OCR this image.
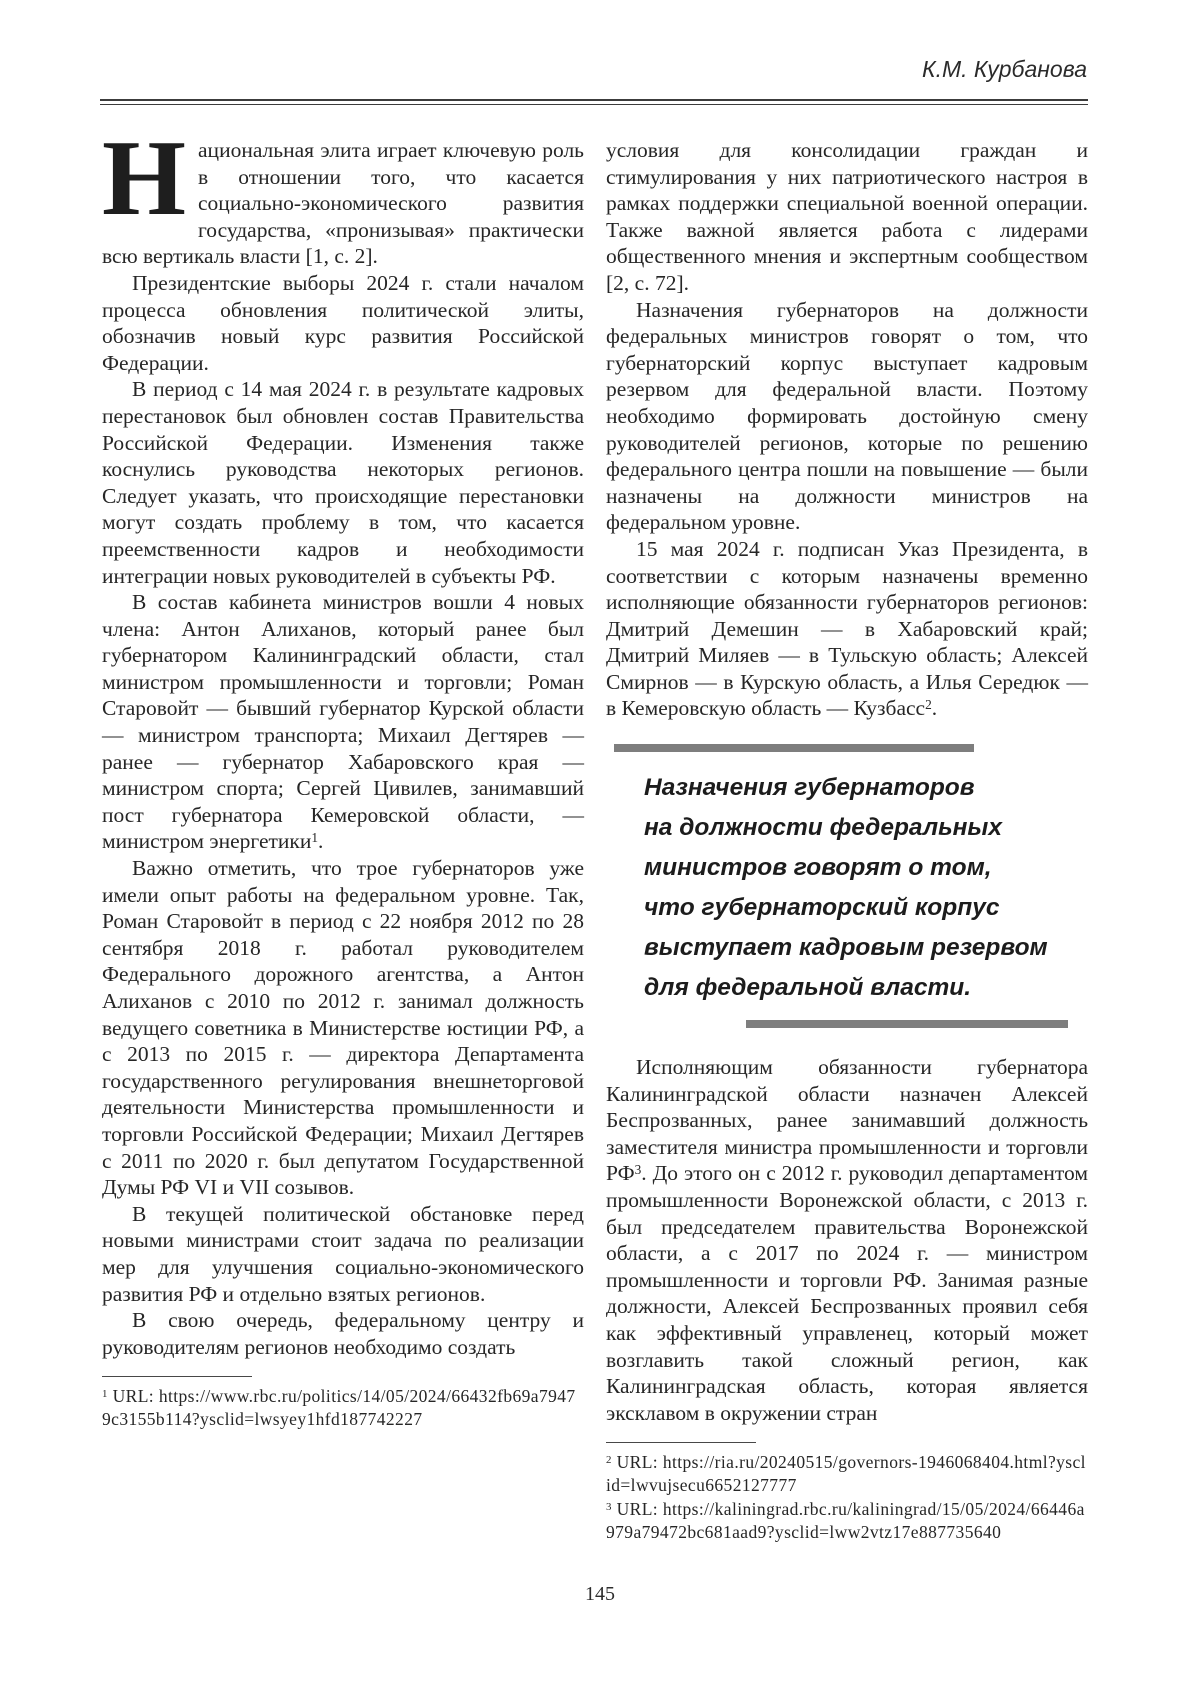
К.М. Курбанова

Национальная элита играет ключевую роль в отношении того, что касается социально-экономического развития государства, «пронизывая» практически всю вертикаль власти [1, с. 2].

Президентские выборы 2024 г. стали началом процесса обновления политической элиты, обозначив новый курс развития Российской Федерации.

В период с 14 мая 2024 г. в результате кадровых перестановок был обновлен состав Правительства Российской Федерации. Изменения также коснулись руководства некоторых регионов. Следует указать, что происходящие перестановки могут создать проблему в том, что касается преемственности кадров и необходимости интеграции новых руководителей в субъекты РФ.

В состав кабинета министров вошли 4 новых члена: Антон Алиханов, который ранее был губернатором Калининградский области, стал министром промышленности и торговли; Роман Старовойт — бывший губернатор Курской области — министром транспорта; Михаил Дегтярев — ранее — губернатор Хабаровского края — министром спорта; Сергей Цивилев, занимавший пост губернатора Кемеровской области, — министром энергетики$^1$.

Важно отметить, что трое губернаторов уже имели опыт работы на федеральном уровне. Так, Роман Старовойт в период с 22 ноября 2012 по 28 сентября 2018 г. работал руководителем Федерального дорожного агентства, а Антон Алиханов с 2010 по 2012 г. занимал должность ведущего советника в Министерстве юстиции РФ, а с 2013 по 2015 г. — директора Департамента государственного регулирования внешнеторговой деятельности Министерства промышленности и торговли Российской Федерации; Михаил Дегтярев с 2011 по 2020 г. был депутатом Государственной Думы РФ VI и VII созывов.

В текущей политической обстановке перед новыми министрами стоит задача по реализации мер для улучшения социально-экономического развития РФ и отдельно взятых регионов.

В свою очередь, федеральному центру и руководителям регионов необходимо создать

$^1$ URL: https://www.rbc.ru/politics/14/05/2024/66432fb69a79479c3155b114?ysclid=lwsyey1hfd187742227

условия для консолидации граждан и стимулирования у них патриотического настроя в рамках поддержки специальной военной операции. Также важной является работа с лидерами общественного мнения и экспертным сообществом [2, с. 72].

Назначения губернаторов на должности федеральных министров говорят о том, что губернаторский корпус выступает кадровым резервом для федеральной власти. Поэтому необходимо формировать достойную смену руководителей регионов, которые по решению федерального центра пошли на повышение — были назначены на должности министров на федеральном уровне.

15 мая 2024 г. подписан Указ Президента, в соответствии с которым назначены временно исполняющие обязанности губернаторов регионов: Дмитрий Демешин — в Хабаровский край; Дмитрий Миляев — в Тульскую область; Алексей Смирнов — в Курскую область, а Илья Середюк — в Кемеровскую область — Кузбасс$^2$.

Назначения губернаторов
на должности федеральных
министров говорят о том,
что губернаторский корпус
выступает кадровым резервом
для федеральной власти.

Исполняющим обязанности губернатора Калининградской области назначен Алексей Беспрозванных, ранее занимавший должность заместителя министра промышленности и торговли $РФ^3$. До этого он с 2012 г. руководил департаментом промышленности Воронежской области, с 2013 г. был председателем правительства Воронежской области, а с 2017 по 2024 г. — министром промышленности и торговли РФ. Занимая разные должности, Алексей Беспрозванных проявил себя как эффективный управленец, который может возглавить такой сложный регион, как Калининградская область, которая является эксклавом в окружении стран

$^2$ URL: https://ria.ru/20240515/governors-1946068404.html?ysclid=lwvujsecu6652127777
$^3$ URL: https://kaliningrad.rbc.ru/kaliningrad/15/05/2024/66446a979a79472bc681aad9?ysclid=lww2vtz17e887735640
145
